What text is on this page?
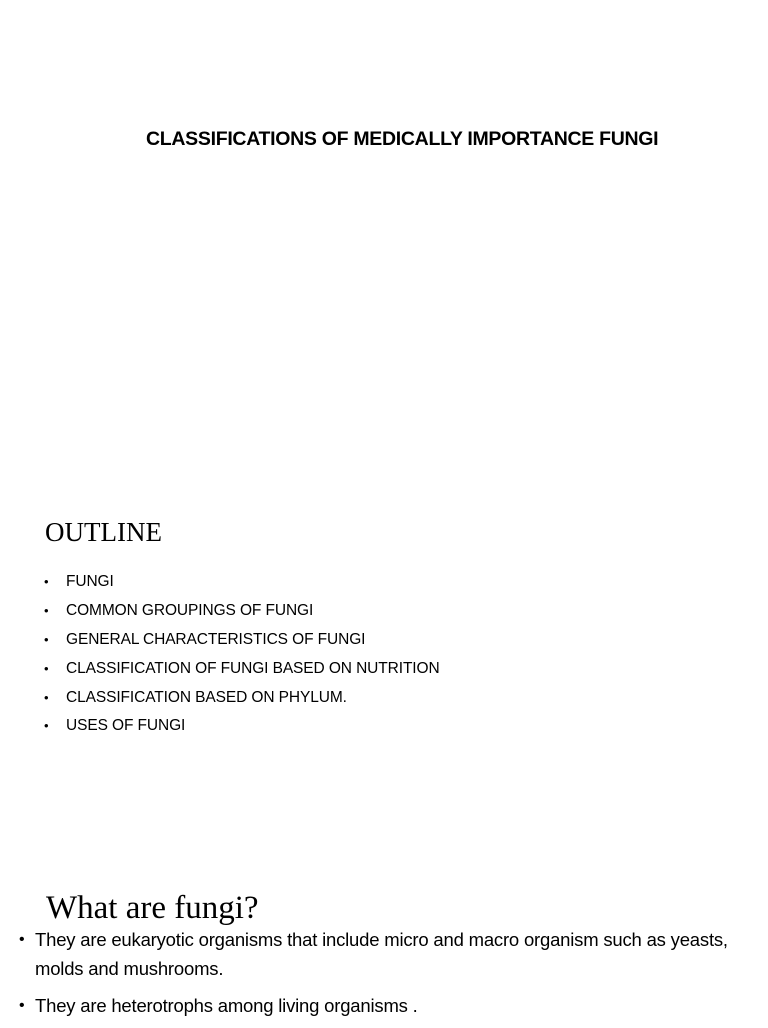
CLASSIFICATIONS OF MEDICALLY IMPORTANCE FUNGI
OUTLINE
• FUNGI
• COMMON GROUPINGS OF FUNGI
• GENERAL CHARACTERISTICS OF FUNGI
• CLASSIFICATION OF FUNGI BASED ON NUTRITION
• CLASSIFICATION BASED ON PHYLUM.
• USES OF FUNGI
What are fungi?
• They are eukaryotic organisms that include micro and macro organism such as yeasts, molds and mushrooms.
• They are heterotrophs among living organisms .
